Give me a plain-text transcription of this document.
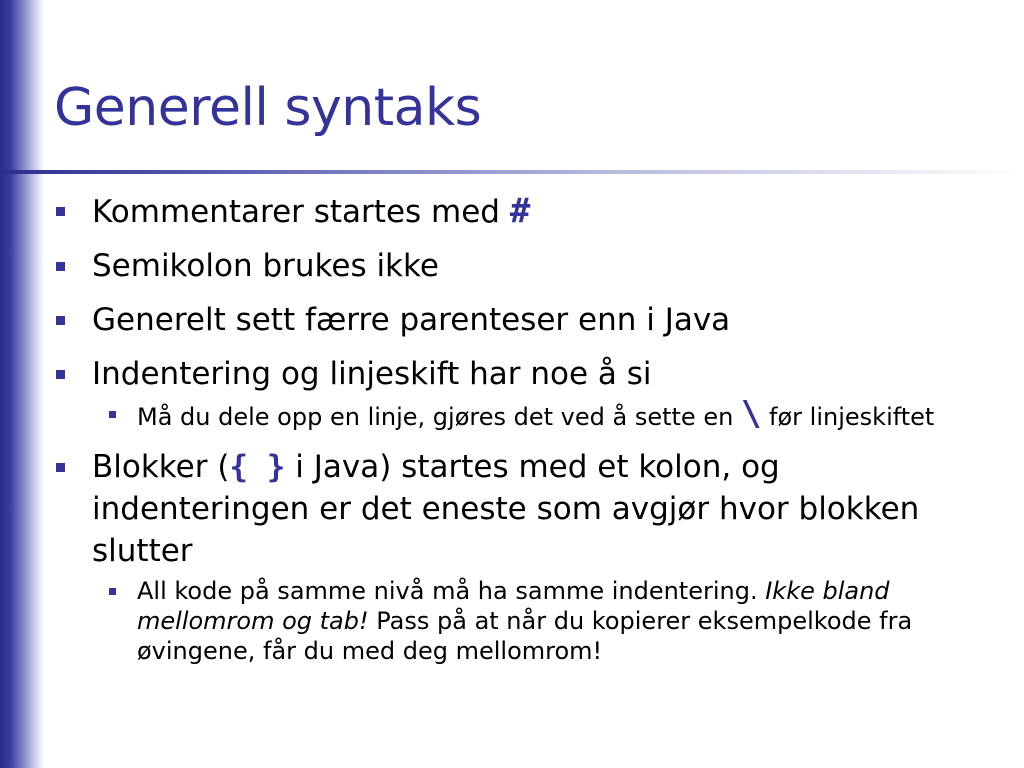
Generell syntaks
Kommentarer startes med #
Semikolon brukes ikke
Generelt sett færre parenteser enn i Java
Indentering og linjeskift har noe å si
Må du dele opp en linje, gjøres det ved å sette en \ før linjeskiftet
Blokker ({ } i Java) startes med et kolon, og indenteringen er det eneste som avgjør hvor blokken slutter
All kode på samme nivå må ha samme indentering. Ikke bland mellomrom og tab! Pass på at når du kopierer eksempelkode fra øvingene, får du med deg mellomrom!
